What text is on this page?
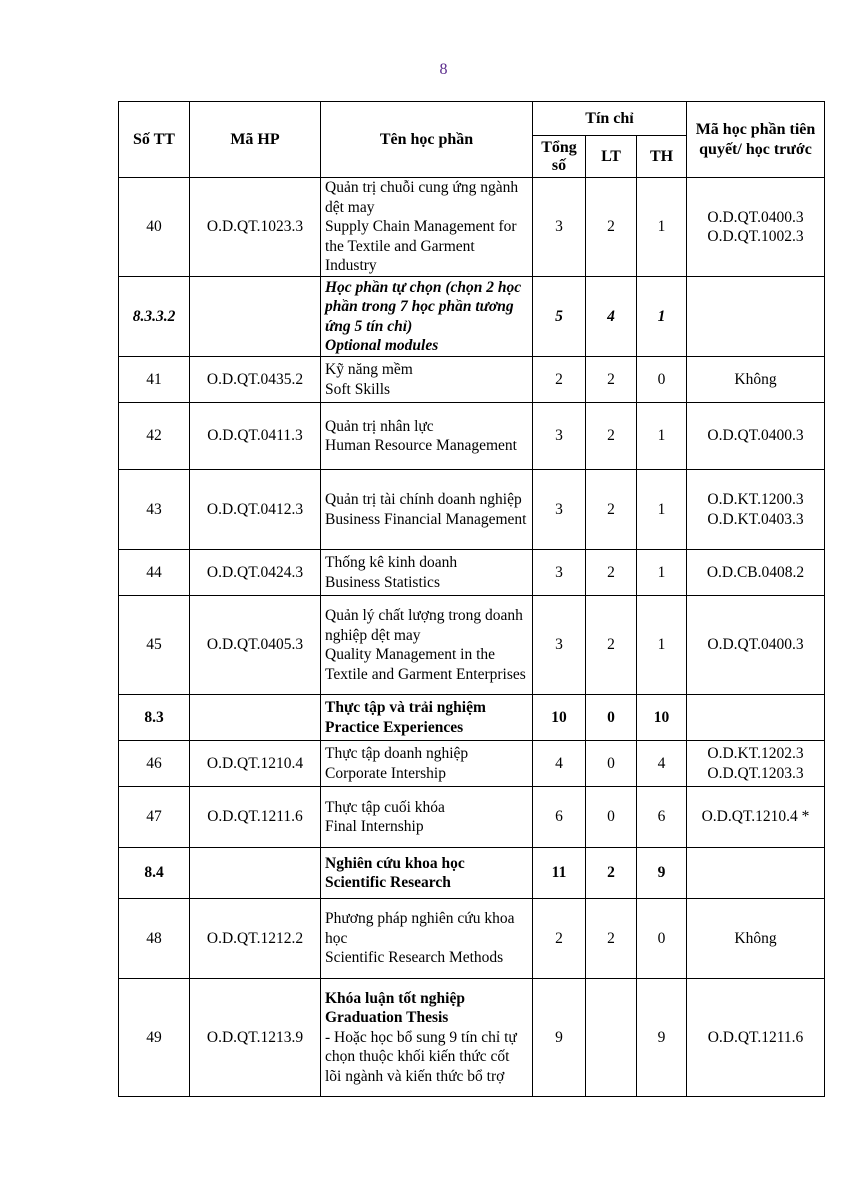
8
Số TT	Mã HP	Tên học phần	Tín chỉ			Mã học phần tiên quyết/ học trước
			Tổng số	LT	TH	
40	O.D.QT.1023.3	Quản trị chuỗi cung ứng ngành dệt may
Supply Chain Management for the Textile and Garment Industry	3	2	1	O.D.QT.0400.3
O.D.QT.1002.3

8.3.3.2		Học phần tự chọn (chọn 2 học phần trong 7 học phần tương ứng 5 tín chỉ)
Optional modules	5	4	1	
41	O.D.QT.0435.2	Kỹ năng mềm
Soft Skills	2	2	0	Không

42	O.D.QT.0411.3	Quản trị nhân lực
Human Resource Management	3	2	1	O.D.QT.0400.3

43	O.D.QT.0412.3	Quản trị tài chính doanh nghiệp
Business Financial Management	3	2	1	O.D.KT.1200.3
O.D.KT.0403.3

44	O.D.QT.0424.3	Thống kê kinh doanh
Business Statistics	3	2	1	O.D.CB.0408.2

45	O.D.QT.0405.3	Quản lý chất lượng trong doanh nghiệp dệt may
Quality Management in the Textile and Garment Enterprises	3	2	1	O.D.QT.0400.3

8.3		Thực tập và trải nghiệm
Practice Experiences	10	0	10	
46	O.D.QT.1210.4	Thực tập doanh nghiệp
Corporate Intership	4	0	4	O.D.KT.1202.3
O.D.QT.1203.3

47	O.D.QT.1211.6	Thực tập cuối khóa
Final Internship	6	0	6	O.D.QT.1210.4 *

8.4		Nghiên cứu khoa học
Scientific Research	11	2	9	
48	O.D.QT.1212.2	Phương pháp nghiên cứu khoa học
Scientific Research Methods	2	2	0	Không

49	O.D.QT.1213.9	Khóa luận tốt nghiệp
Graduation Thesis
- Hoặc học bổ sung 9 tín chỉ tự chọn thuộc khối kiến thức cốt lõi ngành và kiến thức bổ trợ	9		9	O.D.QT.1211.6
